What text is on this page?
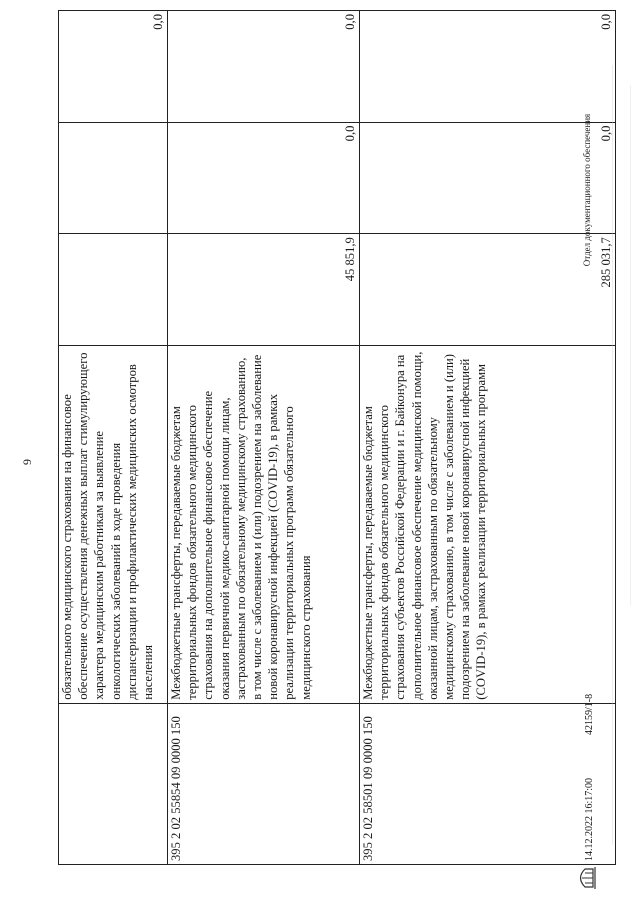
9
	обязательного медицинского страхования на финансовое обеспечение осуществления денежных выплат стимулирующего характера медицинским работникам за выявление онкологических заболеваний в ходе проведения диспансеризации и профилактических медицинских осмотров населения			0,0
395 2 02 55854 09 0000 150	Межбюджетные трансферты, передаваемые бюджетам территориальных фондов обязательного медицинского страхования на дополнительное финансовое обеспечение оказания первичной медико-санитарной помощи лицам, застрахованным по обязательному медицинскому страхованию, в том числе с заболеванием и (или) подозрением на заболевание новой коронавирусной инфекцией (COVID-19), в рамках реализации территориальных программ обязательного медицинского страхования	45 851,9	0,0	0,0
395 2 02 58501 09 0000 150	Межбюджетные трансферты, передаваемые бюджетам территориальных фондов обязательного медицинского страхования субъектов Российской Федерации и г. Байконура на дополнительное финансовое обеспечение медицинской помощи, оказанной лицам, застрахованным по обязательному медицинскому страхованию, в том числе с заболеванием и (или) подозрением на заболевание новой коронавирусной инфекцией (COVID-19), в рамках реализации территориальных программ	285 031,7	0,0	0,0
Отдел документационного обеспечения
14.12.2022 16:17:00
42159/1-8
